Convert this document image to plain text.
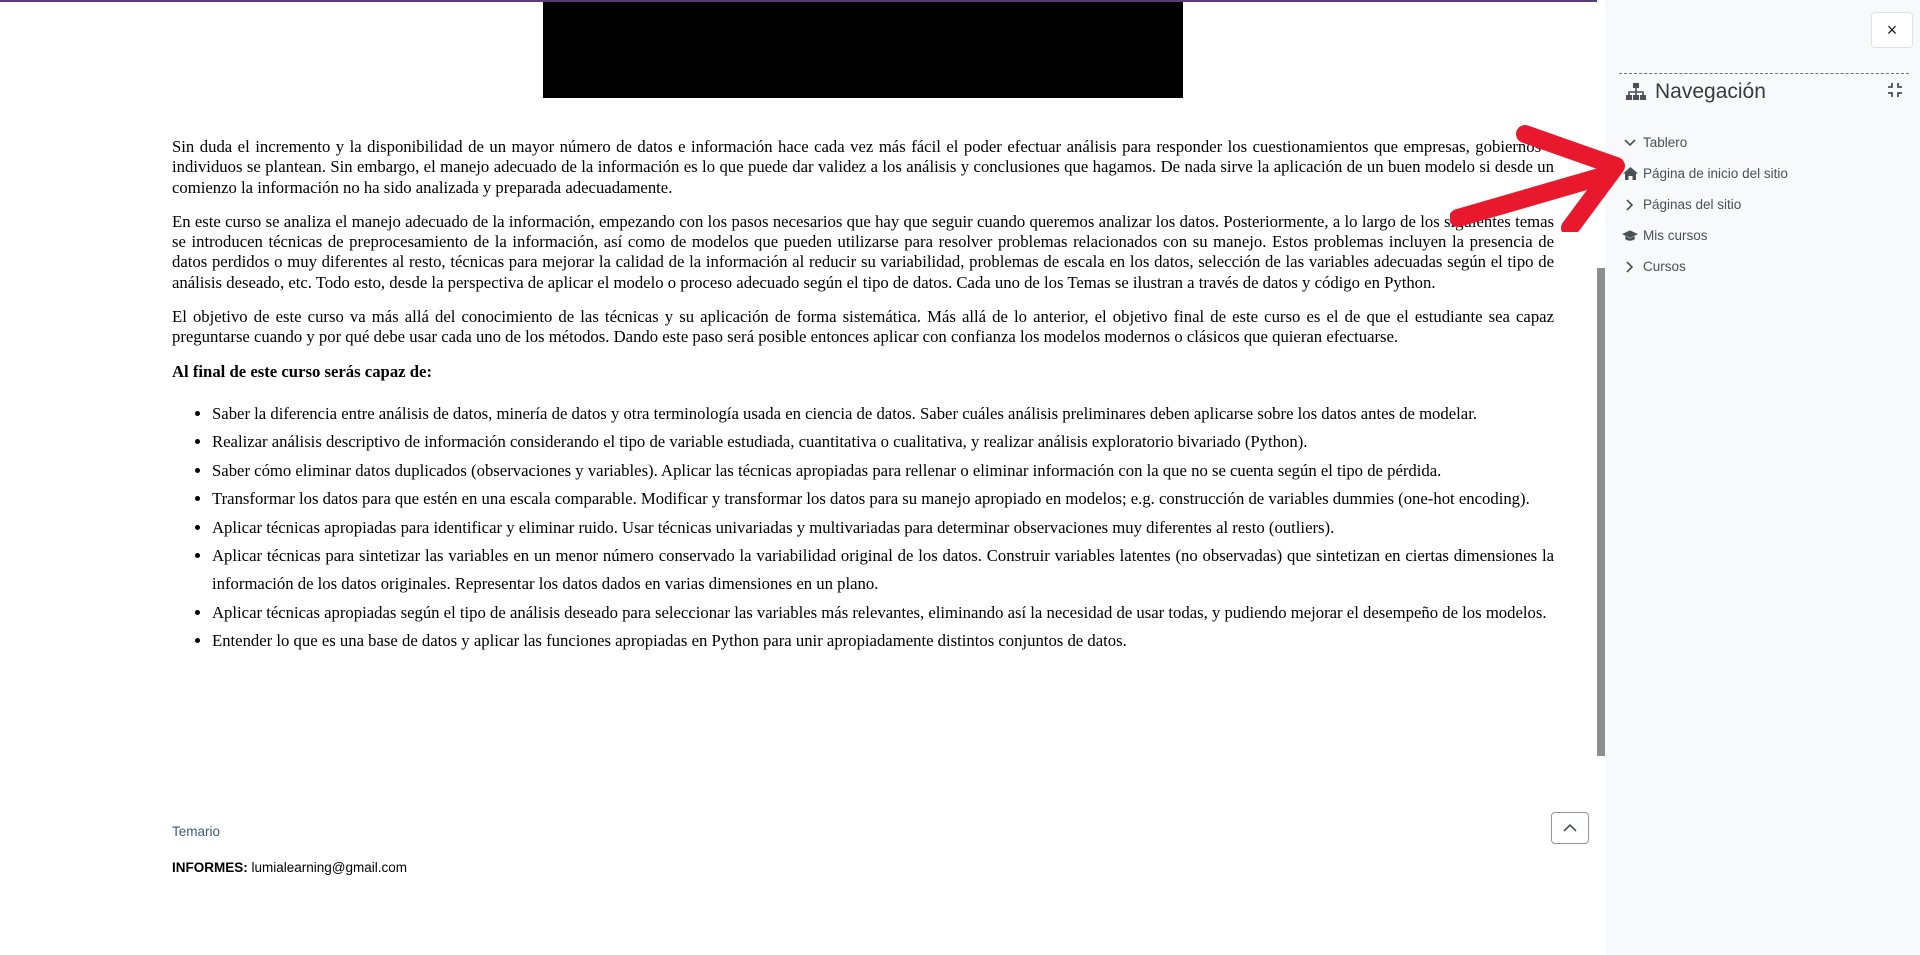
Sin duda el incremento y la disponibilidad de un mayor número de datos e información hace cada vez más fácil el poder efectuar análisis para responder los cuestionamientos que empresas, gobiernos e individuos se plantean. Sin embargo, el manejo adecuado de la información es lo que puede dar validez a los análisis y conclusiones que hagamos. De nada sirve la aplicación de un buen modelo si desde un comienzo la información no ha sido analizada y preparada adecuadamente.

En este curso se analiza el manejo adecuado de la información, empezando con los pasos necesarios que hay que seguir cuando queremos analizar los datos. Posteriormente, a lo largo de los siguientes temas se introducen técnicas de preprocesamiento de la información, así como de modelos que pueden utilizarse para resolver problemas relacionados con su manejo. Estos problemas incluyen la presencia de datos perdidos o muy diferentes al resto, técnicas para mejorar la calidad de la información al reducir su variabilidad, problemas de escala en los datos, selección de las variables adecuadas según el tipo de análisis deseado, etc. Todo esto, desde la perspectiva de aplicar el modelo o proceso adecuado según el tipo de datos. Cada uno de los Temas se ilustran a través de datos y código en Python.

El objetivo de este curso va más allá del conocimiento de las técnicas y su aplicación de forma sistemática. Más allá de lo anterior, el objetivo final de este curso es el de que el estudiante sea capaz preguntarse cuando y por qué debe usar cada uno de los métodos. Dando este paso será posible entonces aplicar con confianza los modelos modernos o clásicos que quieran efectuarse.

Al final de este curso serás capaz de:

• Saber la diferencia entre análisis de datos, minería de datos y otra terminología usada en ciencia de datos. Saber cuáles análisis preliminares deben aplicarse sobre los datos antes de modelar.
• Realizar análisis descriptivo de información considerando el tipo de variable estudiada, cuantitativa o cualitativa, y realizar análisis exploratorio bivariado (Python).
• Saber cómo eliminar datos duplicados (observaciones y variables). Aplicar las técnicas apropiadas para rellenar o eliminar información con la que no se cuenta según el tipo de pérdida.
• Transformar los datos para que estén en una escala comparable. Modificar y transformar los datos para su manejo apropiado en modelos; e.g. construcción de variables dummies (one-hot encoding).
• Aplicar técnicas apropiadas para identificar y eliminar ruido. Usar técnicas univariadas y multivariadas para determinar observaciones muy diferentes al resto (outliers).
• Aplicar técnicas para sintetizar las variables en un menor número conservado la variabilidad original de los datos. Construir variables latentes (no observadas) que sintetizan en ciertas dimensiones la información de los datos originales. Representar los datos dados en varias dimensiones en un plano.
• Aplicar técnicas apropiadas según el tipo de análisis deseado para seleccionar las variables más relevantes, eliminando así la necesidad de usar todas, y pudiendo mejorar el desempeño de los modelos.
• Entender lo que es una base de datos y aplicar las funciones apropiadas en Python para unir apropiadamente distintos conjuntos de datos.
Temario
INFORMES: lumialearning@gmail.com
×
Navegación
Tablero
Página de inicio del sitio
Páginas del sitio
Mis cursos
Cursos
